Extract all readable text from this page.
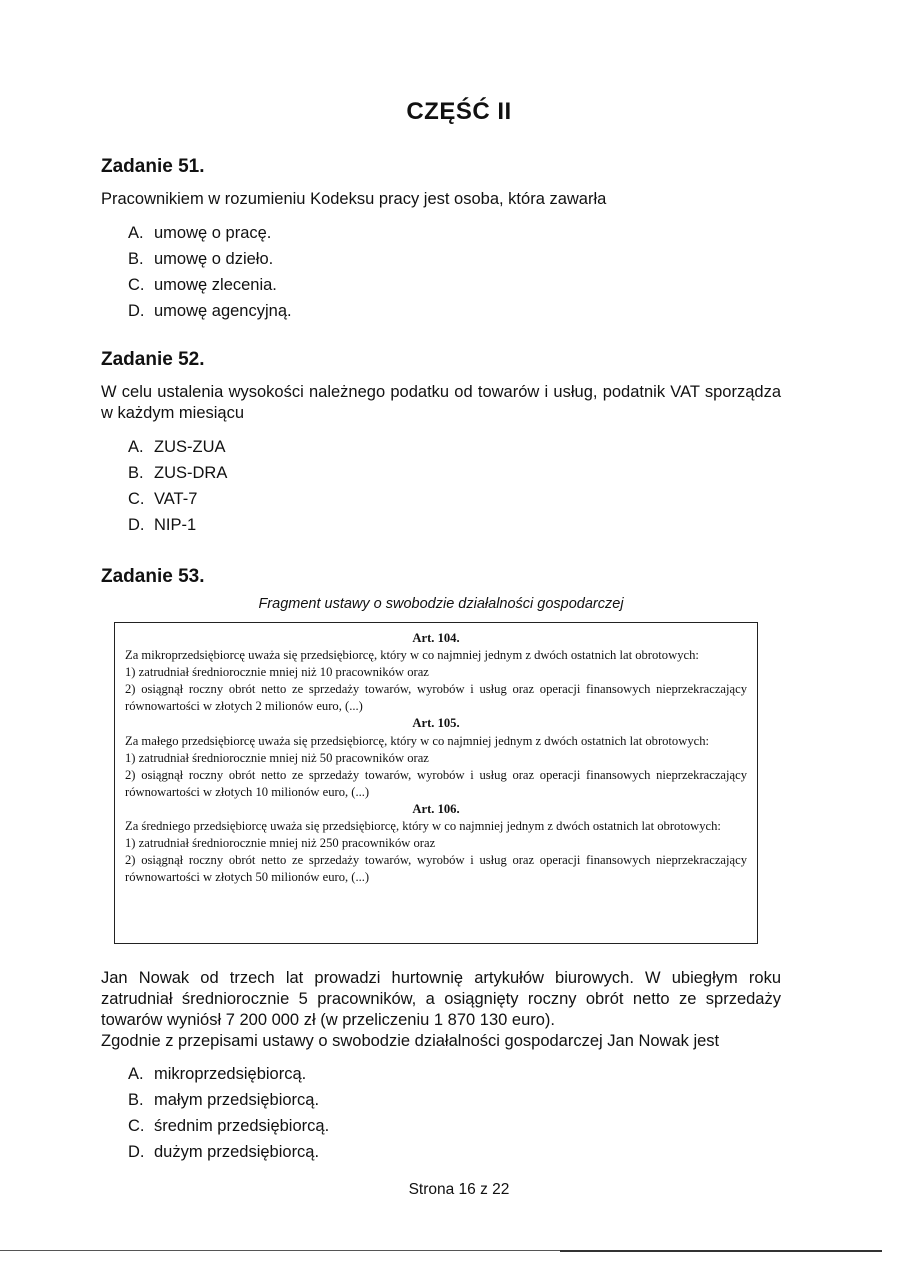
CZĘŚĆ II
Zadanie 51.
Pracownikiem w rozumieniu Kodeksu pracy jest osoba, która zawarła
A. umowę o pracę.
B. umowę o dzieło.
C. umowę zlecenia.
D. umowę agencyjną.
Zadanie 52.
W celu ustalenia wysokości należnego podatku od towarów i usług, podatnik VAT sporządza w każdym miesiącu
A. ZUS-ZUA
B. ZUS-DRA
C. VAT-7
D. NIP-1
Zadanie 53.
Fragment ustawy o swobodzie działalności gospodarczej
Art. 104.
Za mikroprzedsiębiorcę uważa się przedsiębiorcę, który w co najmniej jednym z dwóch ostatnich lat obrotowych:
1) zatrudniał średniorocznie mniej niż 10 pracowników oraz
2) osiągnął roczny obrót netto ze sprzedaży towarów, wyrobów i usług oraz operacji finansowych nieprzekraczający równowartości w złotych 2 milionów euro, (...)
Art. 105.
Za małego przedsiębiorcę uważa się przedsiębiorcę, który w co najmniej jednym z dwóch ostatnich lat obrotowych:
1) zatrudniał średniorocznie mniej niż 50 pracowników oraz
2) osiągnął roczny obrót netto ze sprzedaży towarów, wyrobów i usług oraz operacji finansowych nieprzekraczający równowartości w złotych 10 milionów euro, (...)
Art. 106.
Za średniego przedsiębiorcę uważa się przedsiębiorcę, który w co najmniej jednym z dwóch ostatnich lat obrotowych:
1) zatrudniał średniorocznie mniej niż 250 pracowników oraz
2) osiągnął roczny obrót netto ze sprzedaży towarów, wyrobów i usług oraz operacji finansowych nieprzekraczający równowartości w złotych 50 milionów euro, (...)
Jan Nowak od trzech lat prowadzi hurtownię artykułów biurowych. W ubiegłym roku zatrudniał średniorocznie 5 pracowników, a osiągnięty roczny obrót netto ze sprzedaży towarów wyniósł 7 200 000 zł (w przeliczeniu 1 870 130 euro).
Zgodnie z przepisami ustawy o swobodzie działalności gospodarczej Jan Nowak jest
A. mikroprzedsiębiorcą.
B. małym przedsiębiorcą.
C. średnim przedsiębiorcą.
D. dużym przedsiębiorcą.
Strona 16 z 22
